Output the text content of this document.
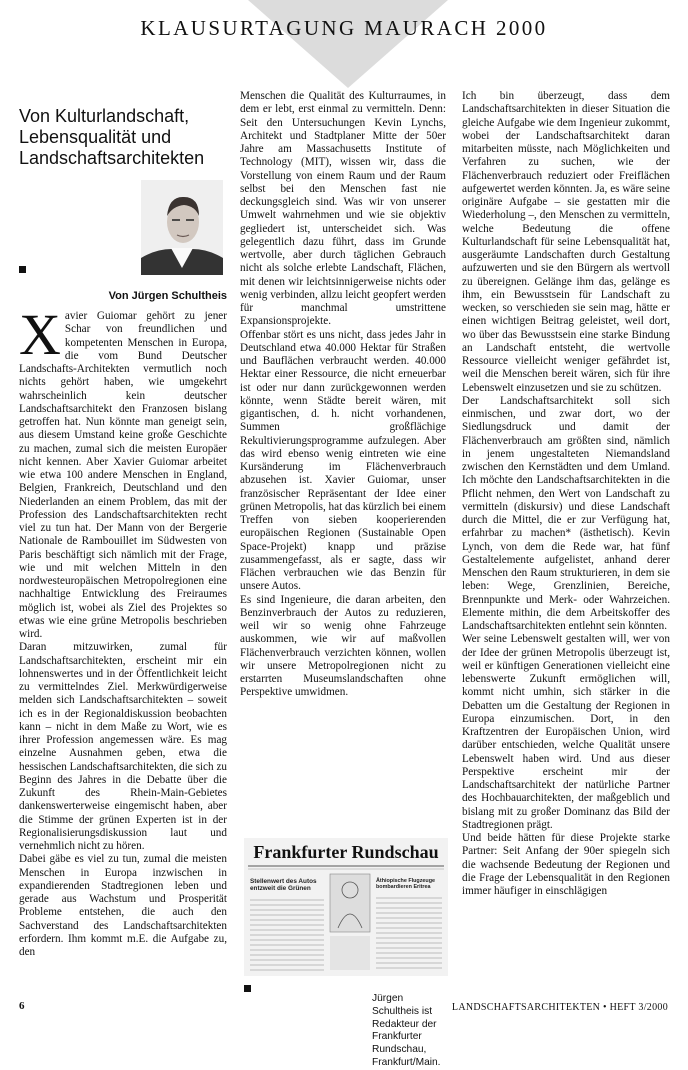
KLAUSURTAGUNG MAURACH 2000
Von Kulturlandschaft,
Lebensqualität und
Landschaftsarchitekten
Von Jürgen Schultheis

Xavier Guiomar gehört zu jener Schar von freundlichen und kompetenten Menschen in Europa, die vom Bund Deutscher Landschafts-Architekten vermutlich noch nichts gehört haben, wie umgekehrt wahrscheinlich kein deutscher Landschaftsarchitekt den Franzosen bislang getroffen hat. Nun könnte man geneigt sein, aus diesem Umstand keine große Geschichte zu machen, zumal sich die meisten Europäer nicht kennen. Aber Xavier Guiomar arbeitet wie etwa 100 andere Menschen in England, Belgien, Frankreich, Deutschland und den Niederlanden an einem Problem, das mit der Profession des Landschaftsarchitekten recht viel zu tun hat. Der Mann von der Bergerie Nationale de Rambouillet im Südwesten von Paris beschäftigt sich nämlich mit der Frage, wie und mit welchen Mitteln in den nordwesteuropäischen Metropolregionen eine nachhaltige Entwicklung des Freiraumes möglich ist, wobei als Ziel des Projektes so etwas wie eine grüne Metropolis beschrieben wird.

Daran mitzuwirken, zumal für Landschaftsarchitekten, erscheint mir ein lohnenswertes und in der Öffentlichkeit leicht zu vermittelndes Ziel. Merkwürdigerweise melden sich Landschaftsarchitekten – soweit ich es in der Regionaldiskussion beobachten kann – nicht in dem Maße zu Wort, wie es ihrer Profession angemessen wäre. Es mag einzelne Ausnahmen geben, etwa die hessischen Landschaftsarchitekten, die sich zu Beginn des Jahres in die Debatte über die Zukunft des Rhein-Main-Gebietes dankenswerterweise eingemischt haben, aber die Stimme der grünen Experten ist in der Regionalisierungsdiskussion laut und vernehmlich nicht zu hören.

Dabei gäbe es viel zu tun, zumal die meisten Menschen in Europa inzwischen in expandierenden Stadtregionen leben und gerade aus Wachstum und Prosperität Probleme entstehen, die auch den Sachverstand des Landschaftsarchitekten erfordern. Ihm kommt m.E. die Aufgabe zu, den

Menschen die Qualität des Kulturraumes, in dem er lebt, erst einmal zu vermitteln. Denn: Seit den Untersuchungen Kevin Lynchs, Architekt und Stadtplaner Mitte der 50er Jahre am Massachusetts Institute of Technology (MIT), wissen wir, dass die Vorstellung von einem Raum und der Raum selbst bei den Menschen fast nie deckungsgleich sind. Was wir von unserer Umwelt wahrnehmen und wie sie objektiv gegliedert ist, unterscheidet sich. Was gelegentlich dazu führt, dass im Grunde wertvolle, aber durch täglichen Gebrauch nicht als solche erlebte Landschaft, Flächen, mit denen wir leichtsinnigerweise nichts oder wenig verbinden, allzu leicht geopfert werden für manchmal umstrittene Expansionsprojekte.

Offenbar stört es uns nicht, dass jedes Jahr in Deutschland etwa 40.000 Hektar für Straßen und Bauflächen verbraucht werden. 40.000 Hektar einer Ressource, die nicht erneuerbar ist oder nur dann zurückgewonnen werden könnte, wenn Städte bereit wären, mit gigantischen, d. h. nicht vorhandenen, Summen großflächige Rekultivierungsprogramme aufzulegen. Aber das wird ebenso wenig eintreten wie eine Kursänderung im Flächenverbrauch abzusehen ist. Xavier Guiomar, unser französischer Repräsentant der Idee einer grünen Metropolis, hat das kürzlich bei einem Treffen von sieben kooperierenden europäischen Regionen (Sustainable Open Space-Projekt) knapp und präzise zusammengefasst, als er sagte, dass wir Flächen verbrauchen wie das Benzin für unsere Autos.

Es sind Ingenieure, die daran arbeiten, den Benzinverbrauch der Autos zu reduzieren, weil wir so wenig ohne Fahrzeuge auskommen, wie wir auf maßvollen Flächenverbrauch verzichten können, wollen wir unsere Metropolregionen nicht zu erstarrten Museumslandschaften ohne Perspektive umwidmen.

Ich bin überzeugt, dass dem Landschaftsarchitekten in dieser Situation die gleiche Aufgabe wie dem Ingenieur zukommt, wobei der Landschaftsarchitekt daran mitarbeiten müsste, nach Möglichkeiten und Verfahren zu suchen, wie der Flächenverbrauch reduziert oder Freiflächen aufgewertet werden könnten. Ja, es wäre seine originäre Aufgabe – sie gestatten mir die Wiederholung –, den Menschen zu vermitteln, welche Bedeutung die offene Kulturlandschaft für seine Lebensqualität hat, ausgeräumte Landschaften durch Gestaltung aufzuwerten und sie den Bürgern als wertvoll zu übereignen. Gelänge ihm das, gelänge es ihm, ein Bewusstsein für Landschaft zu wecken, so verschieden sie sein mag, hätte er einen wichtigen Beitrag geleistet, weil dort, wo über das Bewusstsein eine starke Bindung an Landschaft entsteht, die wertvolle Ressource vielleicht weniger gefährdet ist, weil die Menschen bereit wären, sich für ihre Lebenswelt einzusetzen und sie zu schützen.

Der Landschaftsarchitekt soll sich einmischen, und zwar dort, wo der Siedlungsdruck und damit der Flächenverbrauch am größten sind, nämlich in jenem ungestalteten Niemandsland zwischen den Kernstädten und dem Umland. Ich möchte den Landschaftsarchitekten in die Pflicht nehmen, den Wert von Landschaft zu vermitteln (diskursiv) und diese Landschaft durch die Mittel, die er zur Verfügung hat, erfahrbar zu machen* (ästhetisch). Kevin Lynch, von dem die Rede war, hat fünf Gestaltelemente aufgelistet, anhand derer Menschen den Raum strukturieren, in dem sie leben: Wege, Grenzlinien, Bereiche, Brennpunkte und Merk- oder Wahrzeichen. Elemente mithin, die dem Arbeitskoffer des Landschaftsarchitekten entlehnt sein könnten.

Wer seine Lebenswelt gestalten will, wer von der Idee der grünen Metropolis überzeugt ist, weil er künftigen Generationen vielleicht eine lebenswerte Zukunft ermöglichen will, kommt nicht umhin, sich stärker in die Debatten um die Gestaltung der Regionen in Europa einzumischen. Dort, in den Kraftzentren der Europäischen Union, wird darüber entschieden, welche Qualität unsere Lebenswelt haben wird. Und aus dieser Perspektive erscheint mir der Landschaftsarchitekt der natürliche Partner des Hochbauarchitekten, der maßgeblich und bislang mit zu großer Dominanz das Bild der Stadtregionen prägt.

Und beide hätten für diese Projekte starke Partner: Seit Anfang der 90er spiegeln sich die wachsende Bedeutung der Regionen und die Frage der Lebensqualität in den Regionen immer häufiger in einschlägigen

Frankfurter Rundschau
Stellenwert des Autos entzweit die Grünen
Äthiopische Flugzeuge bombardieren Eritrea
Jürgen
Schultheis ist
Redakteur der
Frankfurter
Rundschau,
Frankfurt/Main.
6	LANDSCHAFTSARCHITEKTEN • HEFT 3/2000
